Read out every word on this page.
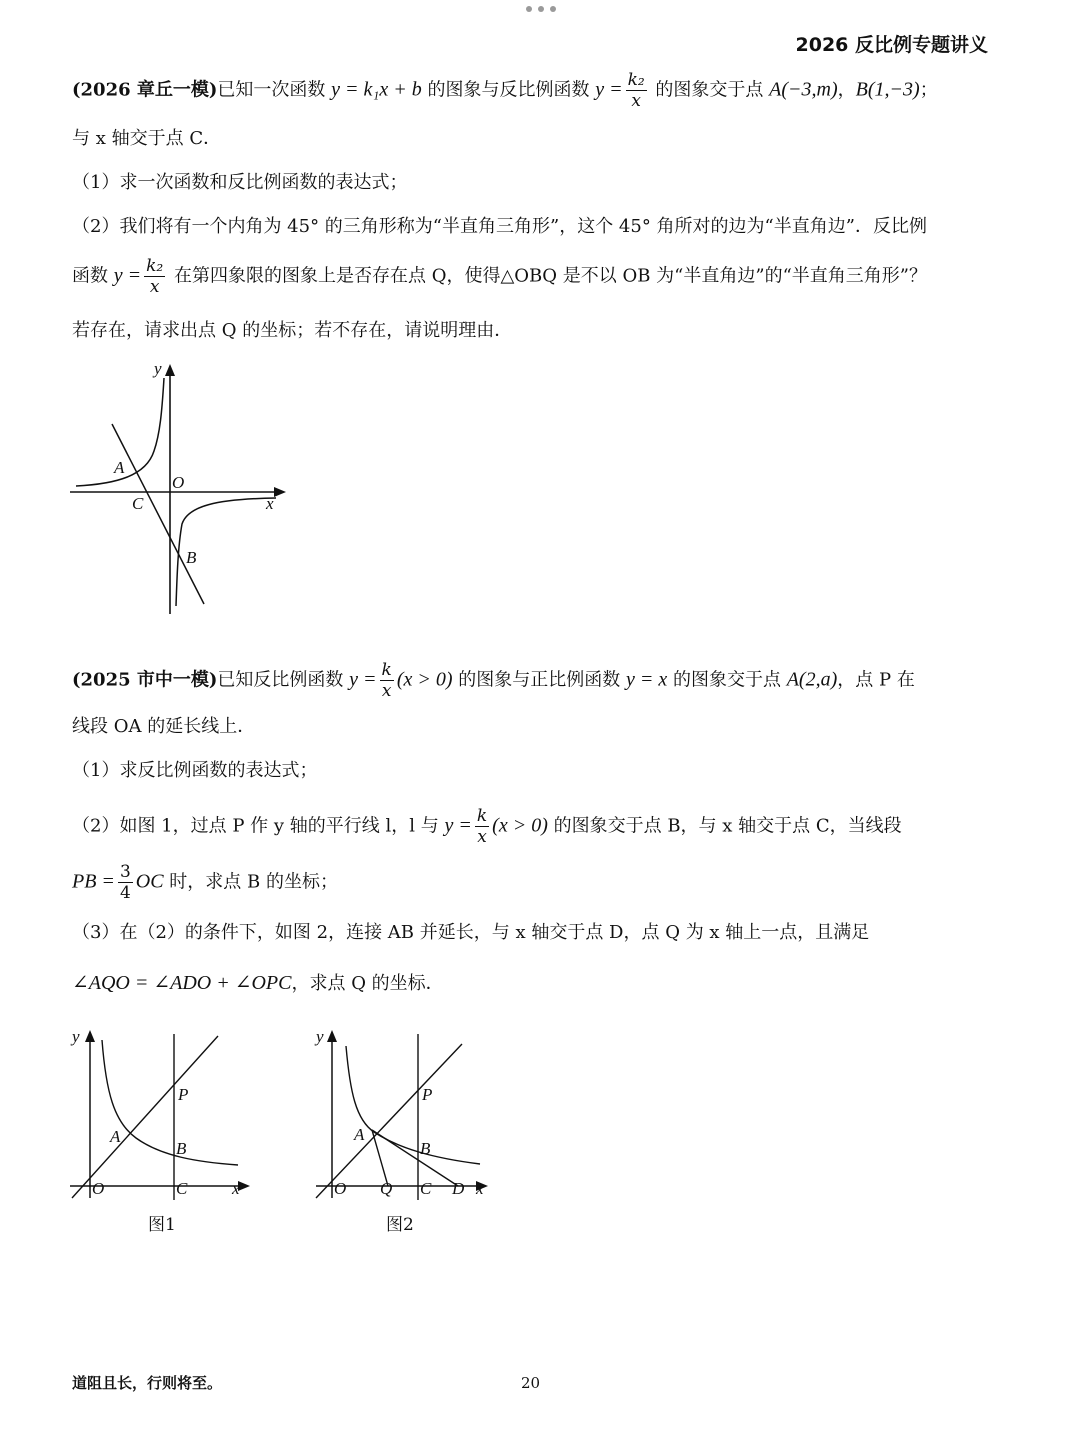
2026 反比例专题讲义
(2026 章丘一模)已知一次函数 y = k₁x + b 的图象与反比例函数 $y = \frac{\text{k₂}}{x}$ 的图象交于点 A(−3,m)，B(1,−3)；
与 x 轴交于点 C．
（1）求一次函数和反比例函数的表达式；
（2）我们将有一个内角为 45° 的三角形称为“半直角三角形”，这个 45° 角所对的边为“半直角边”．反比例
函数 $y = \frac{\text{k₂}}{x}$ 在第四象限的图象上是否存在点 Q，使得△OBQ 是不以 OB 为“半直角边”的“半直角三角形”？
若存在，请求出点 Q 的坐标；若不存在，请说明理由．
A
O
C
B
x
y
(2025 市中一模)已知反比例函数 $y = \frac{k}{x} (x > 0)$ 的图象与正比例函数 y = x 的图象交于点 A(2,a)，点 P 在
线段 OA 的延长线上．
（1）求反比例函数的表达式；
（2）如图 1，过点 P 作 y 轴的平行线 l，l 与 $y = \frac{k}{x} (x > 0)$ 的图象交于点 B，与 x 轴交于点 C，当线段
PB = $\frac{3}{4}$ OC 时，求点 B 的坐标；
（3）在（2）的条件下，如图 2，连接 AB 并延长，与 x 轴交于点 D，点 Q 为 x 轴上一点，且满足
∠AQO = ∠ADO + ∠OPC，求点 Q 的坐标．
y
x
O
A
P
B
C
图1
y
x
O
A
P
B
Q C D
图2
道阻且长，行则将至。	20
